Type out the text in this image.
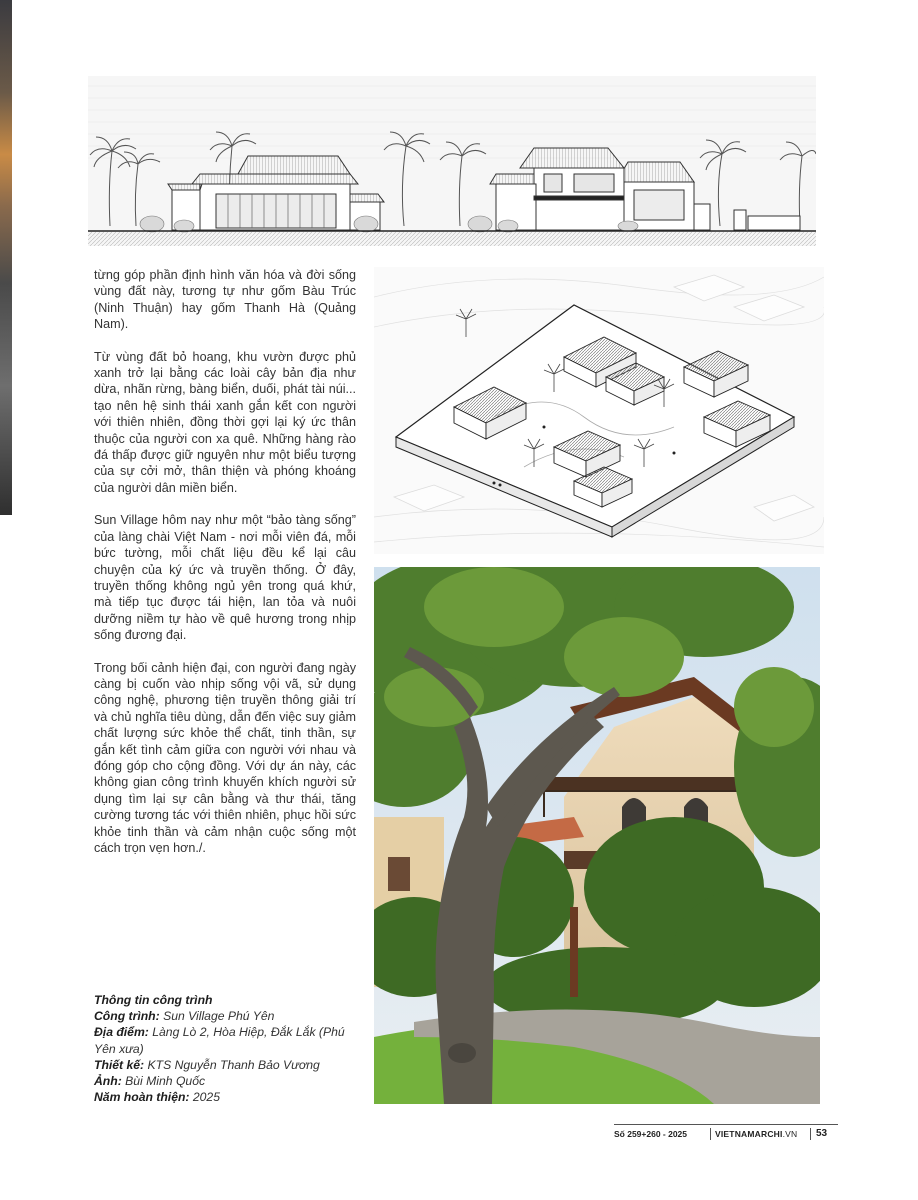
từng góp phần định hình văn hóa và đời sống vùng đất này, tương tự như gốm Bàu Trúc (Ninh Thuận) hay gốm Thanh Hà (Quảng Nam).

Từ vùng đất bỏ hoang, khu vườn được phủ xanh trở lại bằng các loài cây bản địa như dừa, nhãn rừng, bàng biển, duối, phát tài núi... tạo nên hệ sinh thái xanh gắn kết con người với thiên nhiên, đồng thời gợi lại ký ức thân thuộc của người con xa quê. Những hàng rào đá thấp được giữ nguyên như một biểu tượng của sự cởi mở, thân thiện và phóng khoáng của người dân miền biển.

Sun Village hôm nay như một “bảo tàng sống” của làng chài Việt Nam - nơi mỗi viên đá, mỗi bức tường, mỗi chất liệu đều kể lại câu chuyện của ký ức và truyền thống. Ở đây, truyền thống không ngủ yên trong quá khứ, mà tiếp tục được tái hiện, lan tỏa và nuôi dưỡng niềm tự hào về quê hương trong nhịp sống đương đại.

Trong bối cảnh hiện đại, con người đang ngày càng bị cuốn vào nhịp sống vội vã, sử dụng công nghệ, phương tiện truyền thông giải trí và chủ nghĩa tiêu dùng, dẫn đến việc suy giảm chất lượng sức khỏe thể chất, tinh thần, sự gắn kết tình cảm giữa con người với nhau và đóng góp cho cộng đồng. Với dự án này, các không gian công trình khuyến khích người sử dụng tìm lại sự cân bằng và thư thái, tăng cường tương tác với thiên nhiên, phục hồi sức khỏe tinh thần và cảm nhận cuộc sống một cách trọn vẹn hơn./.

Thông tin công trình
Công trình: Sun Village Phú Yên
Địa điểm: Làng Lò 2, Hòa Hiệp, Đắk Lắk (Phú Yên xưa)
Thiết kế: KTS Nguyễn Thanh Bảo Vương
Ảnh: Bùi Minh Quốc
Năm hoàn thiện: 2025
Số 259+260 - 2025	VIETNAMARCHI.VN 53
